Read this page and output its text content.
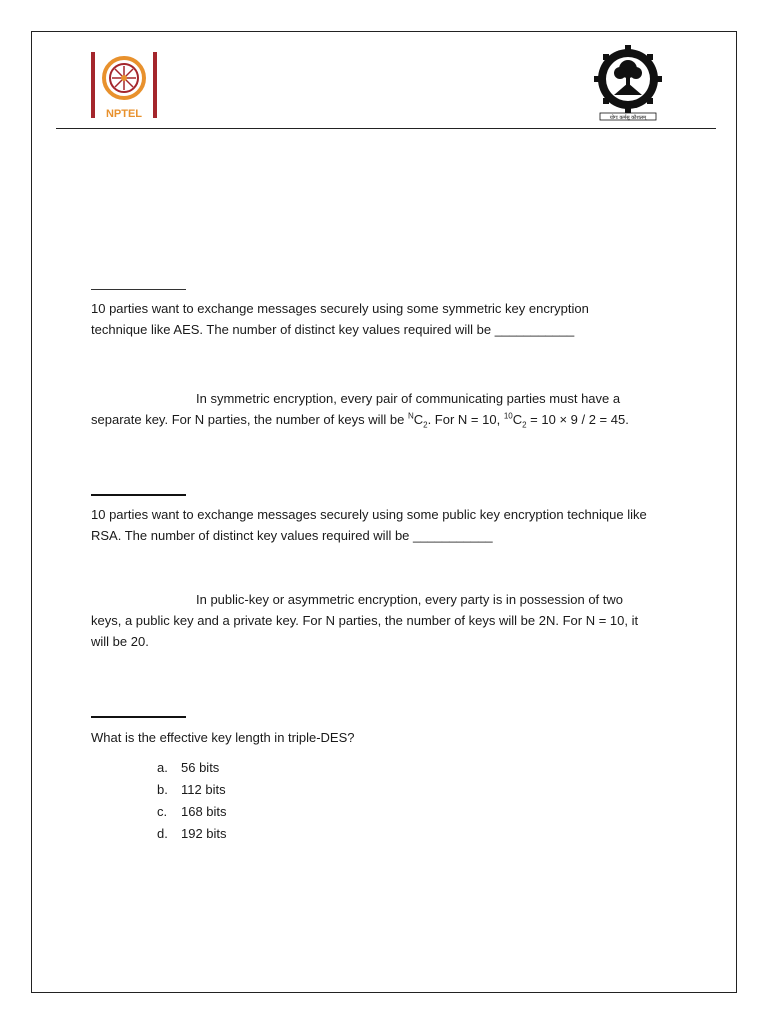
NPTEL	योगः कर्मसु कौशलम्
10 parties want to exchange messages securely using some symmetric key encryption
technique like AES. The number of distinct key values required will be ___________
In symmetric encryption, every pair of communicating parties must have a
separate key. For N parties, the number of keys will be $^NC_2$. For N = 10, $^{10}C_2 = 10 \times 9 / 2 = 45$.
10 parties want to exchange messages securely using some public key encryption technique like
RSA. The number of distinct key values required will be ___________
In public-key or asymmetric encryption, every party is in possession of two
keys, a public key and a private key. For N parties, the number of keys will be 2N. For N = 10, it
will be 20.
What is the effective key length in triple-DES?
a.	56 bits
b.	112 bits
c.	168 bits
d.	192 bits
